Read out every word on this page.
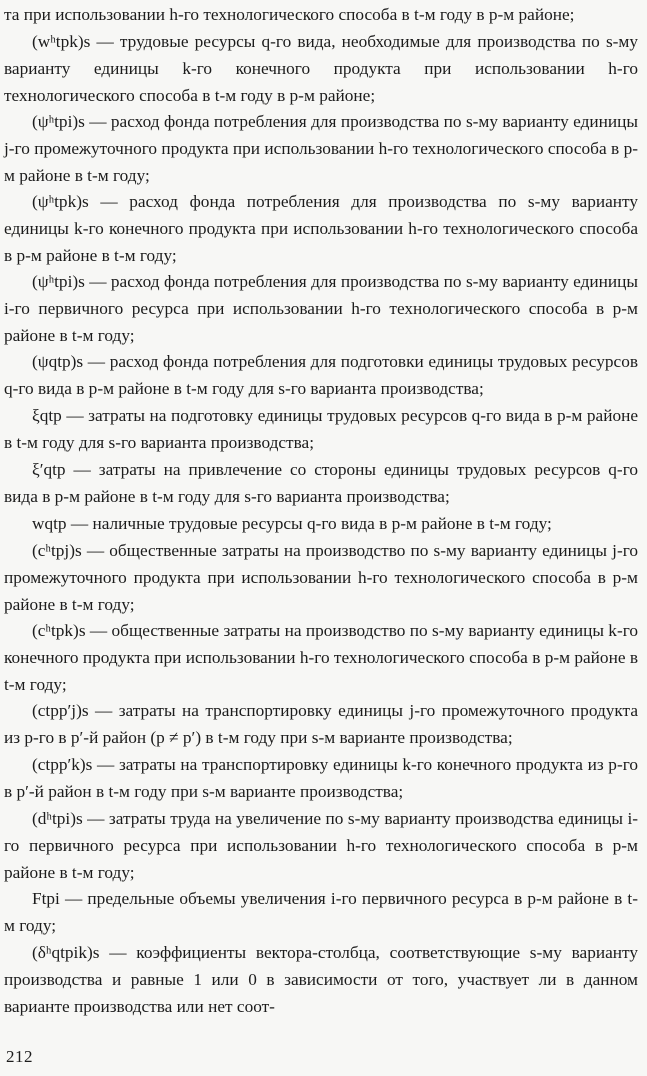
та при использовании h-го технологического способа в t-м году в p-м районе;
(wʰtpk)s — трудовые ресурсы q-го вида, необходимые для производства по s-му варианту единицы k-го конечного продукта при использовании h-го технологического способа в t-м году в p-м районе;
(ψʰtpi)s — расход фонда потребления для производства по s-му варианту единицы j-го промежуточного продукта при использовании h-го технологического способа в p-м районе в t-м году;
(ψʰtpk)s — расход фонда потребления для производства по s-му варианту единицы k-го конечного продукта при использовании h-го технологического способа в p-м районе в t-м году;
(ψʰtpi)s — расход фонда потребления для производства по s-му варианту единицы i-го первичного ресурса при использовании h-го технологического способа в p-м районе в t-м году;
(ψqtp)s — расход фонда потребления для подготовки единицы трудовых ресурсов q-го вида в p-м районе в t-м году для s-го варианта производства;
ξqtp — затраты на подготовку единицы трудовых ресурсов q-го вида в p-м районе в t-м году для s-го варианта производства;
ξ′qtp — затраты на привлечение со стороны единицы трудовых ресурсов q-го вида в p-м районе в t-м году для s-го варианта производства;
wqtp — наличные трудовые ресурсы q-го вида в p-м районе в t-м году;
(cʰtpj)s — общественные затраты на производство по s-му варианту единицы j-го промежуточного продукта при использовании h-го технологического способа в p-м районе в t-м году;
(cʰtpk)s — общественные затраты на производство по s-му варианту единицы k-го конечного продукта при использовании h-го технологического способа в p-м районе в t-м году;
(ctpp′j)s — затраты на транспортировку единицы j-го промежуточного продукта из p-го в p′-й район (p ≠ p′) в t-м году при s-м варианте производства;
(ctpp′k)s — затраты на транспортировку единицы k-го конечного продукта из p-го в p′-й район в t-м году при s-м варианте производства;
(dʰtpi)s — затраты труда на увеличение по s-му варианту производства единицы i-го первичного ресурса при использовании h-го технологического способа в p-м районе в t-м году;
Ftpi — предельные объемы увеличения i-го первичного ресурса в p-м районе в t-м году;
(δʰqtpik)s — коэффициенты вектора-столбца, соответствующие s-му варианту производства и равные 1 или 0 в зависимости от того, участвует ли в данном варианте производства или нет соот-
212
